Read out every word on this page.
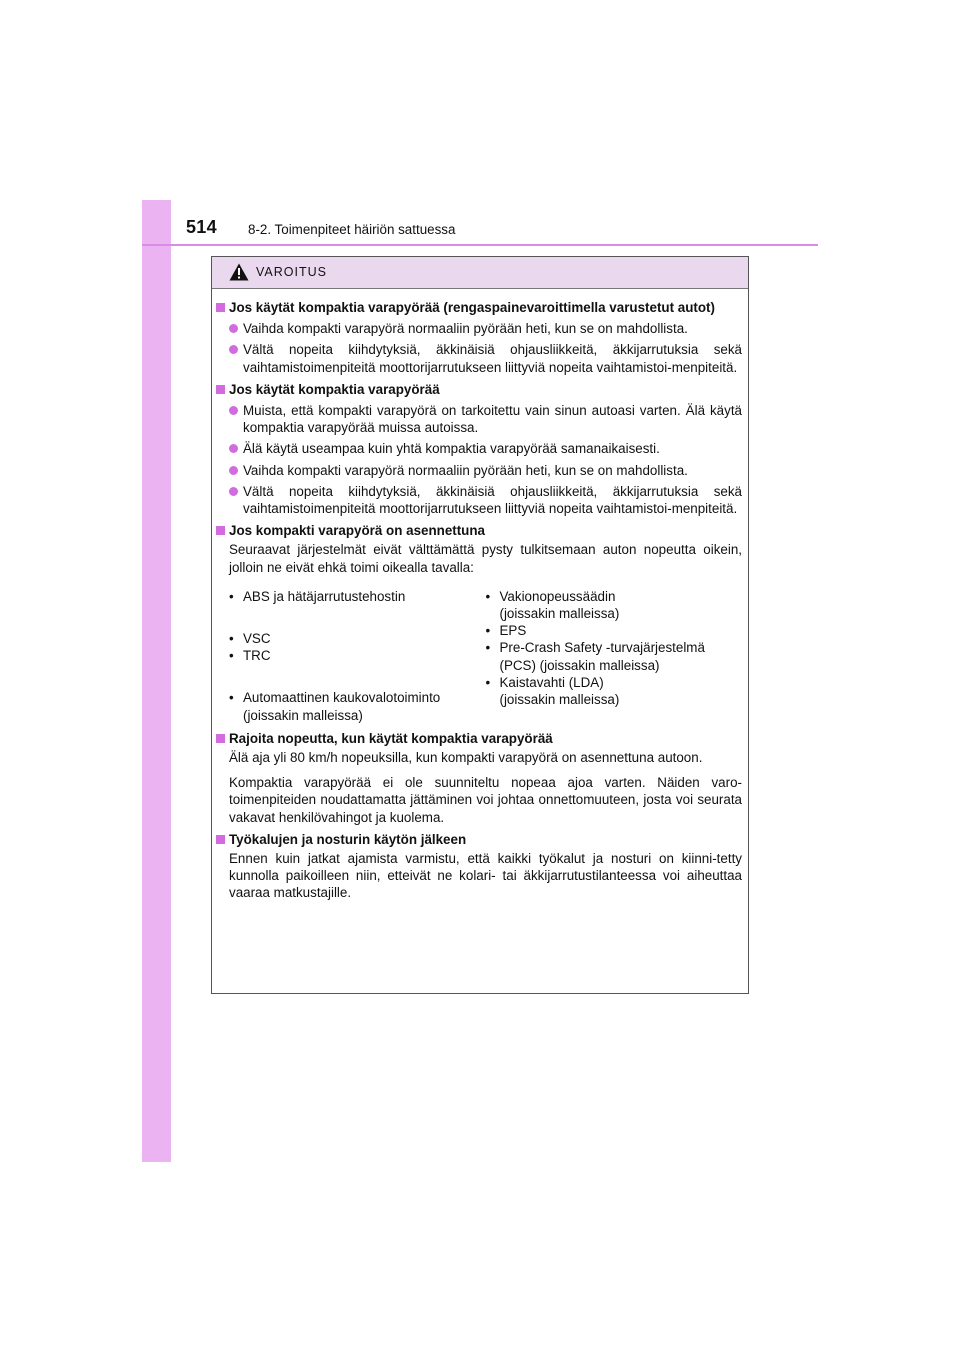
514 8-2. Toimenpiteet häiriön sattuessa
VAROITUS
Jos käytät kompaktia varapyörää (rengaspainevaroittimella varustetut autot)
Vaihda kompakti varapyörä normaaliin pyörään heti, kun se on mahdollista.
Vältä nopeita kiihdytyksiä, äkkinäisiä ohjausliikkeitä, äkkijarrutuksia sekä vaihtamistoimenpiteitä moottorijarrutukseen liittyviä nopeita vaihtamistoi-menpiteitä.
Jos käytät kompaktia varapyörää
Muista, että kompakti varapyörä on tarkoitettu vain sinun autoasi varten. Älä käytä kompaktia varapyörää muissa autoissa.
Älä käytä useampaa kuin yhtä kompaktia varapyörää samanaikaisesti.
Vaihda kompakti varapyörä normaaliin pyörään heti, kun se on mahdollista.
Vältä nopeita kiihdytyksiä, äkkinäisiä ohjausliikkeitä, äkkijarrutuksia sekä vaihtamistoimenpiteitä moottorijarrutukseen liittyviä nopeita vaihtamistoi-menpiteitä.
Jos kompakti varapyörä on asennettuna
Seuraavat järjestelmät eivät välttämättä pysty tulkitsemaan auton nopeutta oikein, jolloin ne eivät ehkä toimi oikealla tavalla:
• ABS ja hätäjarrutustehostin
• VSC
• TRC
• Automaattinen kaukovalotoiminto
(joissakin malleissa)
• Vakionopeussäädin
(joissakin malleissa)
• EPS
• Pre-Crash Safety -turvajärjestelmä
(PCS) (joissakin malleissa)
• Kaistavahti (LDA)
(joissakin malleissa)
Rajoita nopeutta, kun käytät kompaktia varapyörää
Älä aja yli 80 km/h nopeuksilla, kun kompakti varapyörä on asennettuna autoon.
Kompaktia varapyörää ei ole suunniteltu nopeaa ajoa varten. Näiden varo-toimenpiteiden noudattamatta jättäminen voi johtaa onnettomuuteen, josta voi seurata vakavat henkilövahingot ja kuolema.
Työkalujen ja nosturin käytön jälkeen
Ennen kuin jatkat ajamista varmistu, että kaikki työkalut ja nosturi on kiinni-tetty kunnolla paikoilleen niin, etteivät ne kolari- tai äkkijarrutustilanteessa voi aiheuttaa vaaraa matkustajille.
